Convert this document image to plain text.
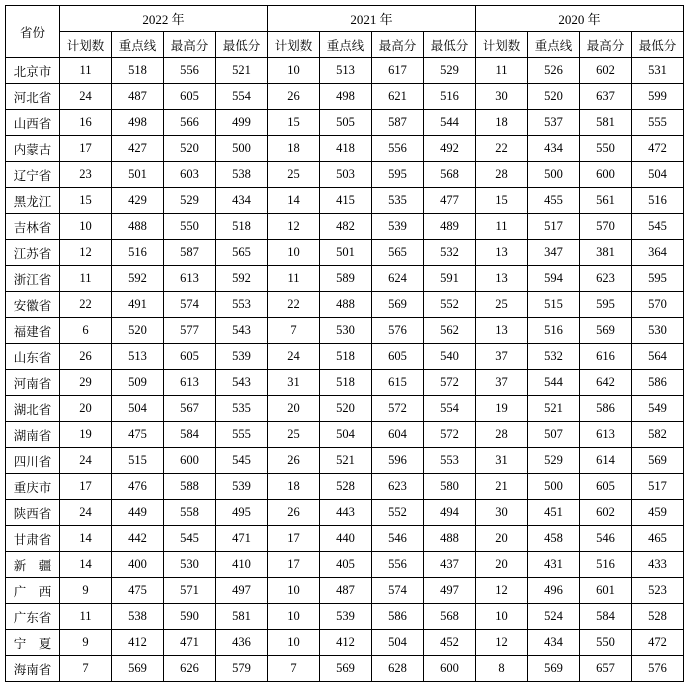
省份	2022 年				2021 年				2020 年			
	计划数	重点线	最高分	最低分	计划数	重点线	最高分	最低分	计划数	重点线	最高分	最低分
北京市	11	518	556	521	10	513	617	529	11	526	602	531
河北省	24	487	605	554	26	498	621	516	30	520	637	599
山西省	16	498	566	499	15	505	587	544	18	537	581	555
内蒙古	17	427	520	500	18	418	556	492	22	434	550	472
辽宁省	23	501	603	538	25	503	595	568	28	500	600	504
黑龙江	15	429	529	434	14	415	535	477	15	455	561	516
吉林省	10	488	550	518	12	482	539	489	11	517	570	545
江苏省	12	516	587	565	10	501	565	532	13	347	381	364
浙江省	11	592	613	592	11	589	624	591	13	594	623	595
安徽省	22	491	574	553	22	488	569	552	25	515	595	570
福建省	6	520	577	543	7	530	576	562	13	516	569	530
山东省	26	513	605	539	24	518	605	540	37	532	616	564
河南省	29	509	613	543	31	518	615	572	37	544	642	586
湖北省	20	504	567	535	20	520	572	554	19	521	586	549
湖南省	19	475	584	555	25	504	604	572	28	507	613	582
四川省	24	515	600	545	26	521	596	553	31	529	614	569
重庆市	17	476	588	539	18	528	623	580	21	500	605	517
陕西省	24	449	558	495	26	443	552	494	30	451	602	459
甘肃省	14	442	545	471	17	440	546	488	20	458	546	465
新　疆	14	400	530	410	17	405	556	437	20	431	516	433
广　西	9	475	571	497	10	487	574	497	12	496	601	523
广东省	11	538	590	581	10	539	586	568	10	524	584	528
宁　夏	9	412	471	436	10	412	504	452	12	434	550	472
海南省	7	569	626	579	7	569	628	600	8	569	657	576
